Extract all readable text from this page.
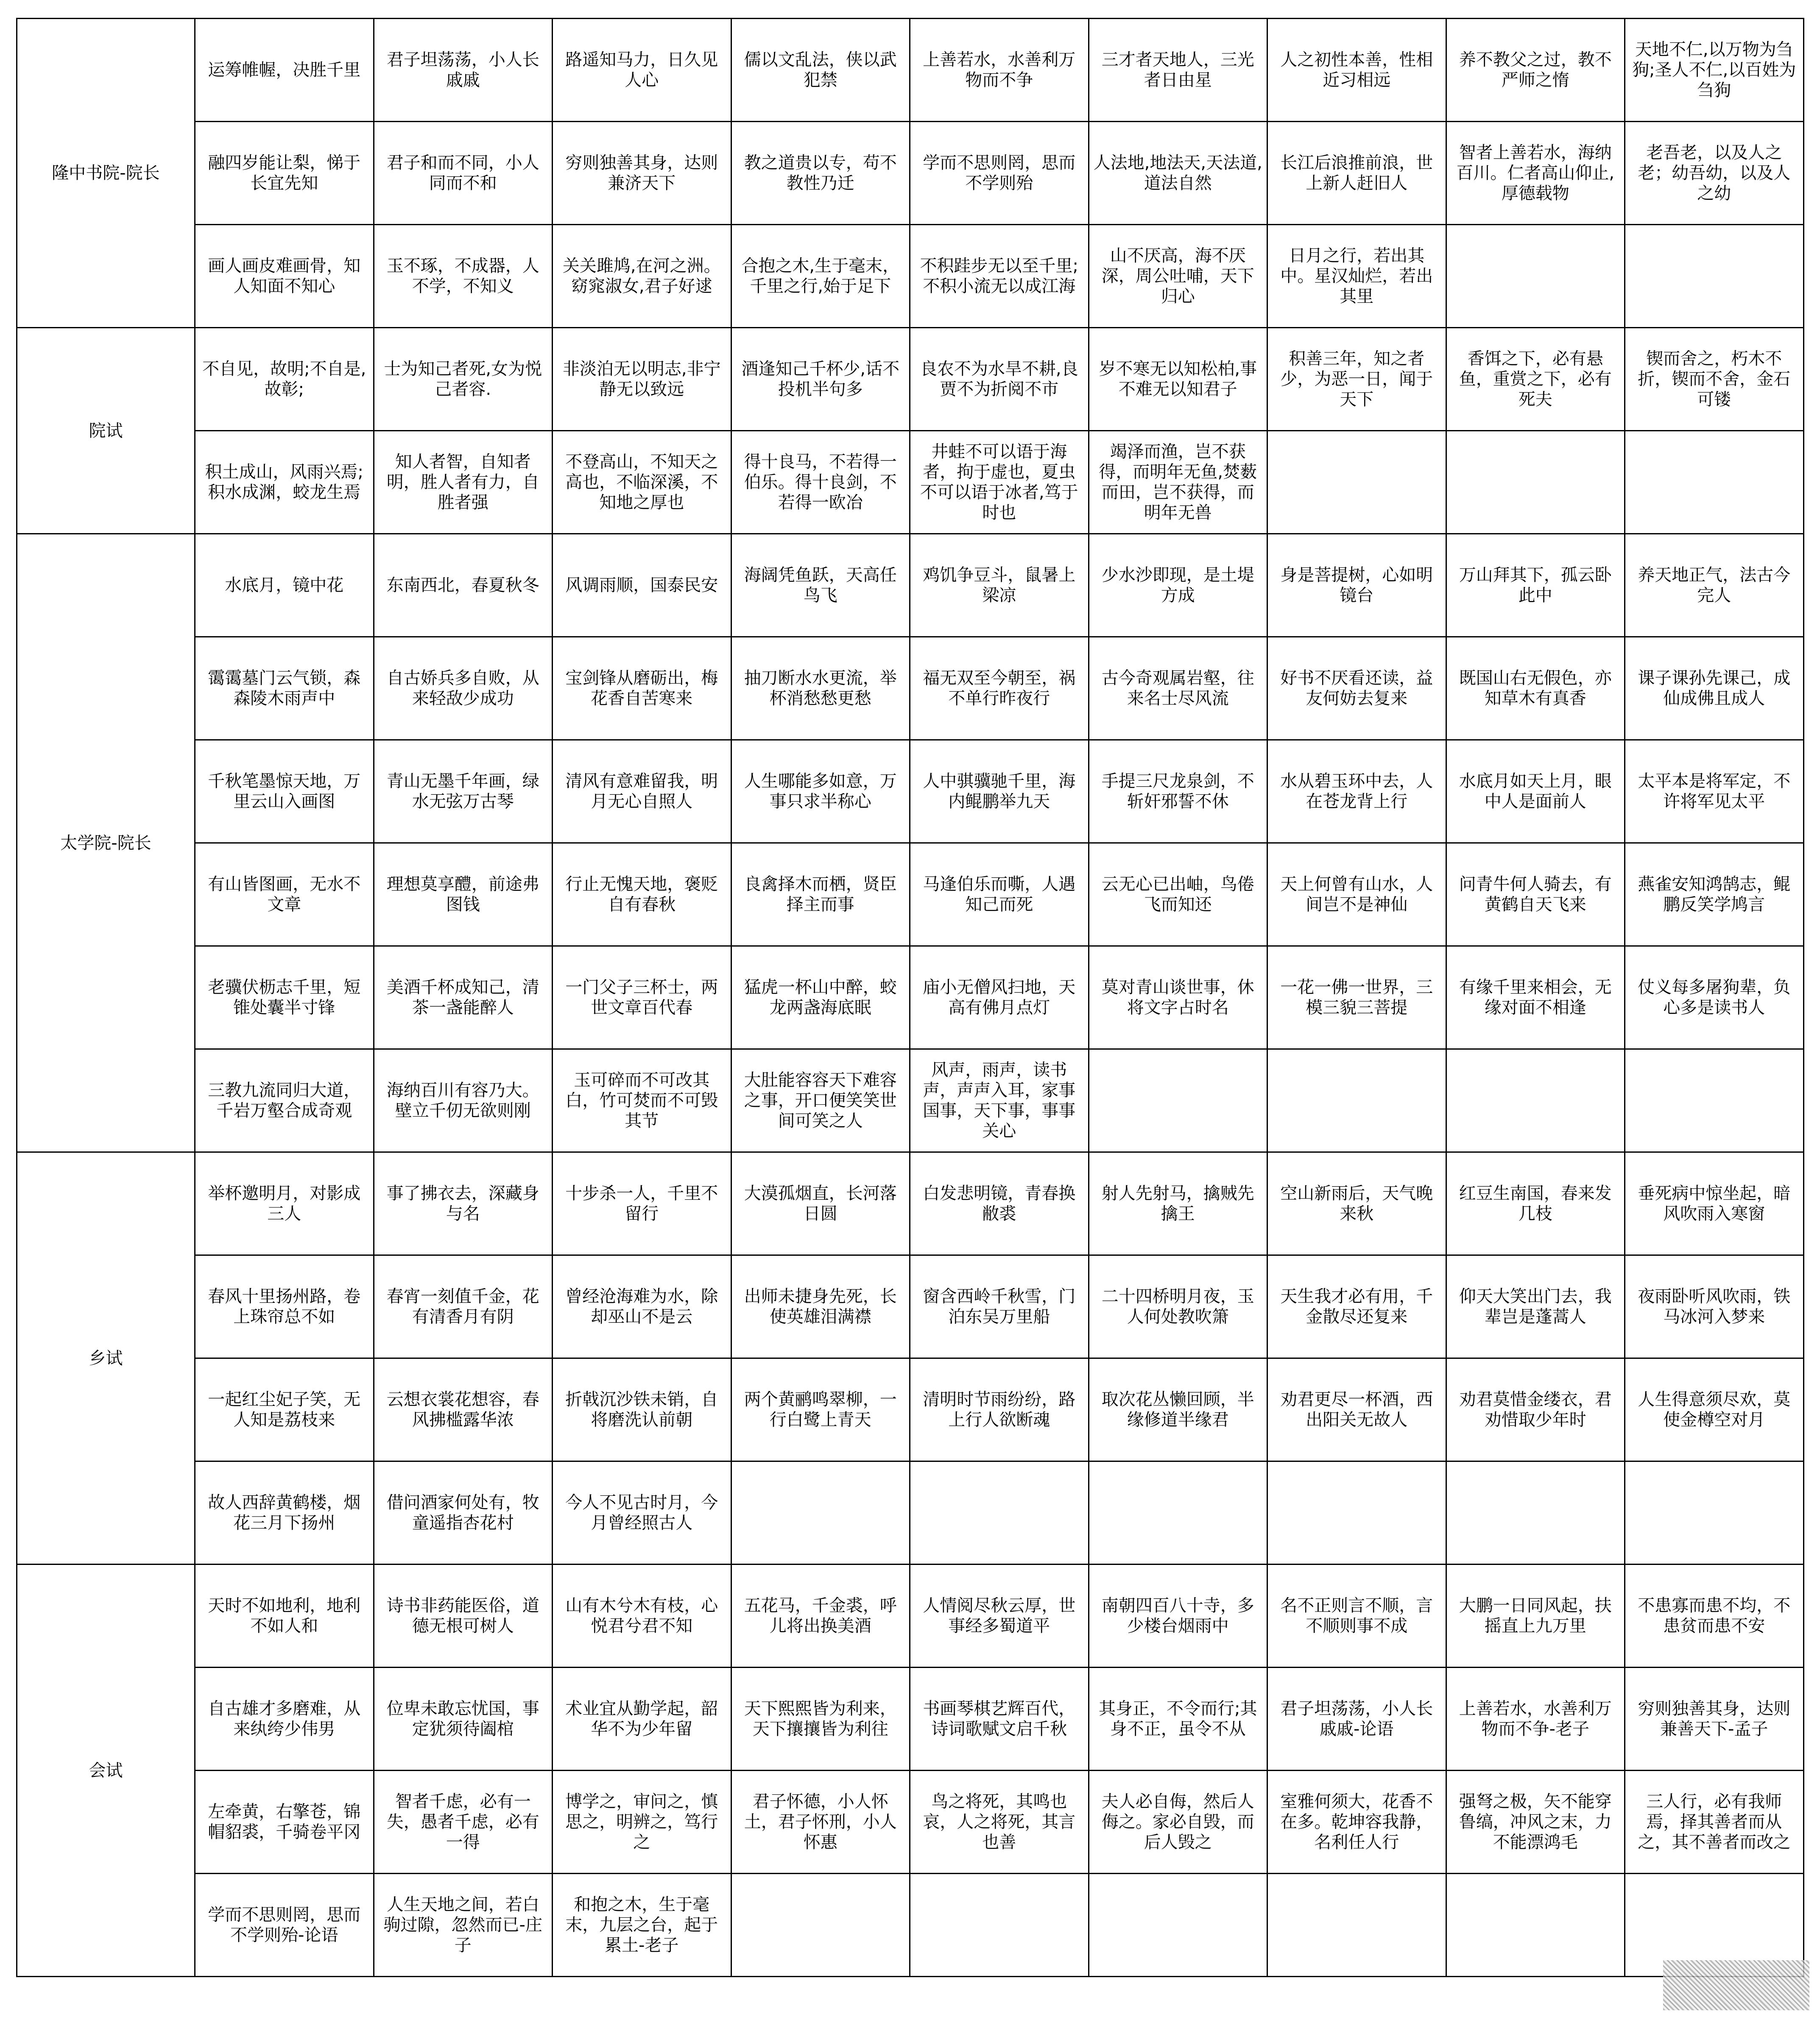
隆中书院-院长	运筹帷幄，决胜千里	君子坦荡荡，小人长戚戚	路遥知马力，日久见人心	儒以文乱法，侠以武犯禁	上善若水，水善利万物而不争	三才者天地人，三光者日由星	人之初性本善，性相近习相远	养不教父之过，教不严师之惰	天地不仁,以万物为刍狗;圣人不仁,以百姓为刍狗
	融四岁能让梨，悌于长宜先知	君子和而不同，小人同而不和	穷则独善其身，达则兼济天下	教之道贵以专，苟不教性乃迁	学而不思则罔，思而不学则殆	人法地,地法天,天法道,道法自然	长江后浪推前浪，世上新人赶旧人	智者上善若水，海纳百川。仁者高山仰止,厚德载物	老吾老，以及人之老；幼吾幼，以及人之幼
	画人画皮难画骨，知人知面不知心	玉不琢，不成器，人不学，不知义	关关雎鸠,在河之洲。窈窕淑女,君子好逑	合抱之木,生于毫末，千里之行,始于足下	不积跬步无以至千里;不积小流无以成江海	山不厌高，海不厌深，周公吐哺，天下归心	日月之行，若出其中。星汉灿烂，若出其里		
院试	不自见，故明;不自是,故彰;	士为知己者死,女为悦己者容.	非淡泊无以明志,非宁静无以致远	酒逢知己千杯少,话不投机半句多	良农不为水旱不耕,良贾不为折阅不市	岁不寒无以知松柏,事不难无以知君子	积善三年，知之者少，为恶一日，闻于天下	香饵之下，必有悬鱼，重赏之下，必有死夫	锲而舍之，朽木不折，锲而不舍，金石可镂
	积土成山，风雨兴焉;积水成渊，蛟龙生焉	知人者智，自知者明，胜人者有力，自胜者强	不登高山，不知天之高也，不临深溪，不知地之厚也	得十良马，不若得一伯乐。得十良剑，不若得一欧冶	井蛙不可以语于海者，拘于虚也，夏虫不可以语于冰者,笃于时也	竭泽而渔，岂不获得，而明年无鱼,焚薮而田，岂不获得，而明年无兽			
太学院-院长	水底月，镜中花	东南西北，春夏秋冬	风调雨顺，国泰民安	海阔凭鱼跃，天高任鸟飞	鸡饥争豆斗，鼠暑上梁凉	少水沙即现，是土堤方成	身是菩提树，心如明镜台	万山拜其下，孤云卧此中	养天地正气，法古今完人
	霭霭墓门云气锁，森森陵木雨声中	自古娇兵多自败，从来轻敌少成功	宝剑锋从磨砺出，梅花香自苦寒来	抽刀断水水更流，举杯消愁愁更愁	福无双至今朝至，祸不单行昨夜行	古今奇观属岩壑，往来名士尽风流	好书不厌看还读，益友何妨去复来	既国山右无假色，亦知草木有真香	课子课孙先课己，成仙成佛且成人
	千秋笔墨惊天地，万里云山入画图	青山无墨千年画，绿水无弦万古琴	清风有意难留我，明月无心自照人	人生哪能多如意，万事只求半称心	人中骐骥驰千里，海内鲲鹏举九天	手提三尺龙泉剑，不斩奸邪誓不休	水从碧玉环中去，人在苍龙背上行	水底月如天上月，眼中人是面前人	太平本是将军定，不许将军见太平
	有山皆图画，无水不文章	理想莫享醴，前途弗图钱	行止无愧天地，褒贬自有春秋	良禽择木而栖，贤臣择主而事	马逢伯乐而嘶，人遇知己而死	云无心已出岫，鸟倦飞而知还	天上何曾有山水，人间岂不是神仙	问青牛何人骑去，有黄鹤自天飞来	燕雀安知鸿鹄志，鲲鹏反笑学鸠言
	老骥伏枥志千里，短锥处囊半寸锋	美酒千杯成知己，清茶一盏能醉人	一门父子三杯士，两世文章百代春	猛虎一杯山中醉，蛟龙两盏海底眠	庙小无僧风扫地，天高有佛月点灯	莫对青山谈世事，休将文字占时名	一花一佛一世界，三模三貌三菩提	有缘千里来相会，无缘对面不相逢	仗义每多屠狗辈，负心多是读书人
	三教九流同归大道，千岩万壑合成奇观	海纳百川有容乃大。壁立千仞无欲则刚	玉可碎而不可改其白，竹可焚而不可毁其节	大肚能容容天下难容之事，开口便笑笑世间可笑之人	风声，雨声，读书声，声声入耳，家事国事，天下事，事事关心				
乡试	举杯邀明月，对影成三人	事了拂衣去，深藏身与名	十步杀一人，千里不留行	大漠孤烟直，长河落日圆	白发悲明镜，青春换敝裘	射人先射马，擒贼先擒王	空山新雨后，天气晚来秋	红豆生南国，春来发几枝	垂死病中惊坐起，暗风吹雨入寒窗
	春风十里扬州路，卷上珠帘总不如	春宵一刻值千金，花有清香月有阴	曾经沧海难为水，除却巫山不是云	出师未捷身先死，长使英雄泪满襟	窗含西岭千秋雪，门泊东吴万里船	二十四桥明月夜，玉人何处教吹箫	天生我才必有用，千金散尽还复来	仰天大笑出门去，我辈岂是蓬蒿人	夜雨卧听风吹雨，铁马冰河入梦来
	一起红尘妃子笑，无人知是荔枝来	云想衣裳花想容，春风拂槛露华浓	折戟沉沙铁未销，自将磨洗认前朝	两个黄鹂鸣翠柳，一行白鹭上青天	清明时节雨纷纷，路上行人欲断魂	取次花丛懒回顾，半缘修道半缘君	劝君更尽一杯酒，西出阳关无故人	劝君莫惜金缕衣，君劝惜取少年时	人生得意须尽欢，莫使金樽空对月
	故人西辞黄鹤楼，烟花三月下扬州	借问酒家何处有，牧童遥指杏花村	今人不见古时月，今月曾经照古人						
会试	天时不如地利，地利不如人和	诗书非药能医俗，道德无根可树人	山有木兮木有枝，心悦君兮君不知	五花马，千金裘，呼儿将出换美酒	人情阅尽秋云厚，世事经多蜀道平	南朝四百八十寺，多少楼台烟雨中	名不正则言不顺，言不顺则事不成	大鹏一日同风起，扶摇直上九万里	不患寡而患不均，不患贫而患不安
	自古雄才多磨难，从来纨绔少伟男	位卑未敢忘忧国，事定犹须待阖棺	术业宜从勤学起，韶华不为少年留	天下熙熙皆为利来，天下攘攘皆为利往	书画琴棋艺辉百代，诗词歌赋文启千秋	其身正，不令而行;其身不正，虽令不从	君子坦荡荡，小人长戚戚-论语	上善若水，水善利万物而不争-老子	穷则独善其身，达则兼善天下-孟子
	左牵黄，右擎苍，锦帽貂裘，千骑卷平冈	智者千虑，必有一失，愚者千虑，必有一得	博学之，审问之，慎思之，明辨之，笃行之	君子怀德，小人怀土，君子怀刑，小人怀惠	鸟之将死，其鸣也哀，人之将死，其言也善	夫人必自侮，然后人侮之。家必自毁，而后人毁之	室雅何须大，花香不在多。乾坤容我静，名利任人行	强弩之极，矢不能穿鲁缟，冲风之末，力不能漂鸿毛	三人行，必有我师焉，择其善者而从之，其不善者而改之
	学而不思则罔，思而不学则殆-论语	人生天地之间，若白驹过隙，忽然而已-庄子	和抱之木，生于毫末，九层之台，起于累土-老子						
